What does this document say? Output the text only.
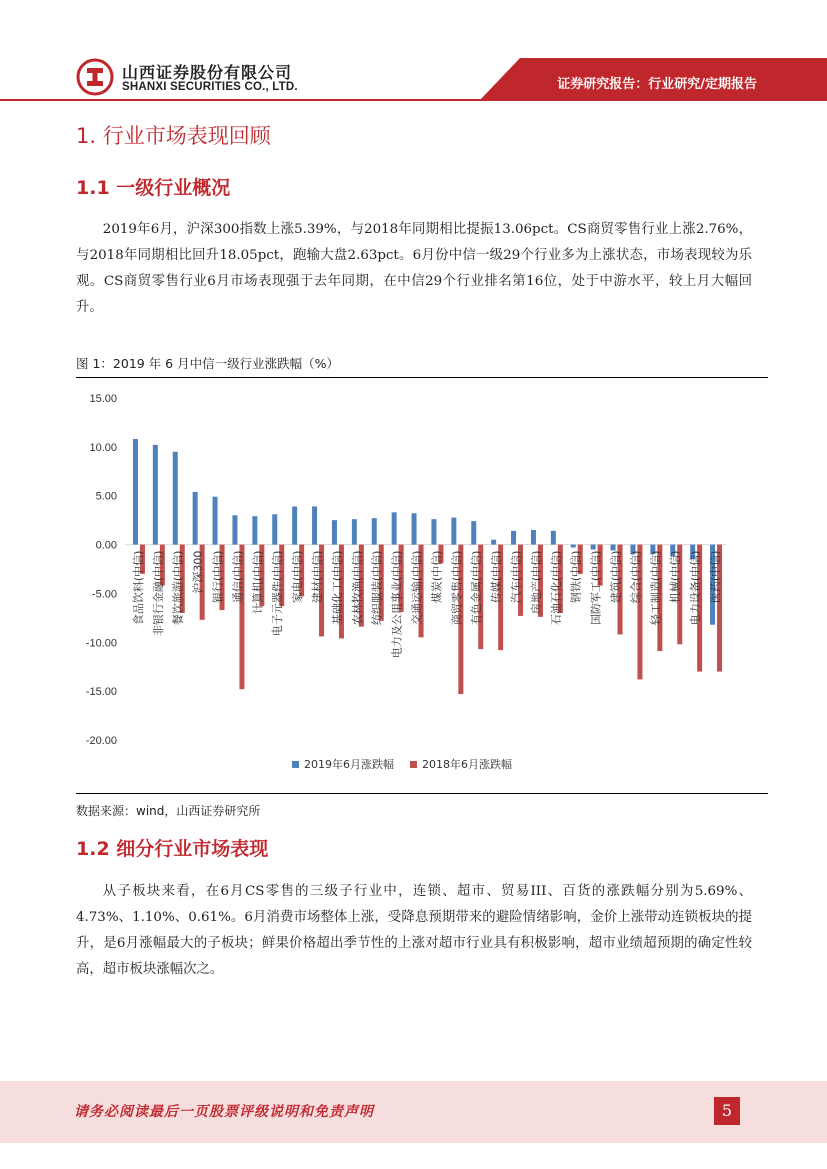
山西证券股份有限公司
SHANXI SECURITIES CO., LTD.	证券研究报告：行业研究/定期报告
1. 行业市场表现回顾
1.1 一级行业概况

2019年6月，沪深300指数上涨5.39%，与2018年同期相比提振13.06pct。CS商贸零售行业上涨2.76%，与2018年同期相比回升18.05pct，跑输大盘2.63pct。6月份中信一级29个行业多为上涨状态，市场表现较为乐观。CS商贸零售行业6月市场表现强于去年同期，在中信29个行业排名第16位，处于中游水平，较上月大幅回升。

图 1：2019 年 6 月中信一级行业涨跌幅（%）
15.00
10.00
5.00
0.00
-5.00
-10.00
-15.00
-20.00
食品饮料(中信) 非银行金融(中信) 餐饮旅游(中信) 沪深300 银行(中信) 通信(中信) 计算机(中信) 电子元器件(中信) 家电(中信) 建材(中信) 基础化工(中信) 农林牧渔(中信) 纺织服装(中信) 电力及公用事业(中信) 交通运输(中信) 煤炭(中信) 商贸零售(中信) 有色金属(中信) 传媒(中信) 汽车(中信) 房地产(中信) 石油石化(中信) 钢铁(中信) 国防军工(中信) 建筑(中信) 综合(中信) 轻工制造(中信) 机械(中信) 电力设备(中信) 医药(中信)
2019年6月涨跌幅	2018年6月涨跌幅
数据来源：wind，山西证券研究所
1.2 细分行业市场表现

从子板块来看，在6月CS零售的三级子行业中，连锁、超市、贸易III、百货的涨跌幅分别为5.69%、4.73%、1.10%、0.61%。6月消费市场整体上涨，受降息预期带来的避险情绪影响，金价上涨带动连锁板块的提升，是6月涨幅最大的子板块；鲜果价格超出季节性的上涨对超市行业具有积极影响，超市业绩超预期的确定性较高，超市板块涨幅次之。

请务必阅读最后一页股票评级说明和免责声明	5
